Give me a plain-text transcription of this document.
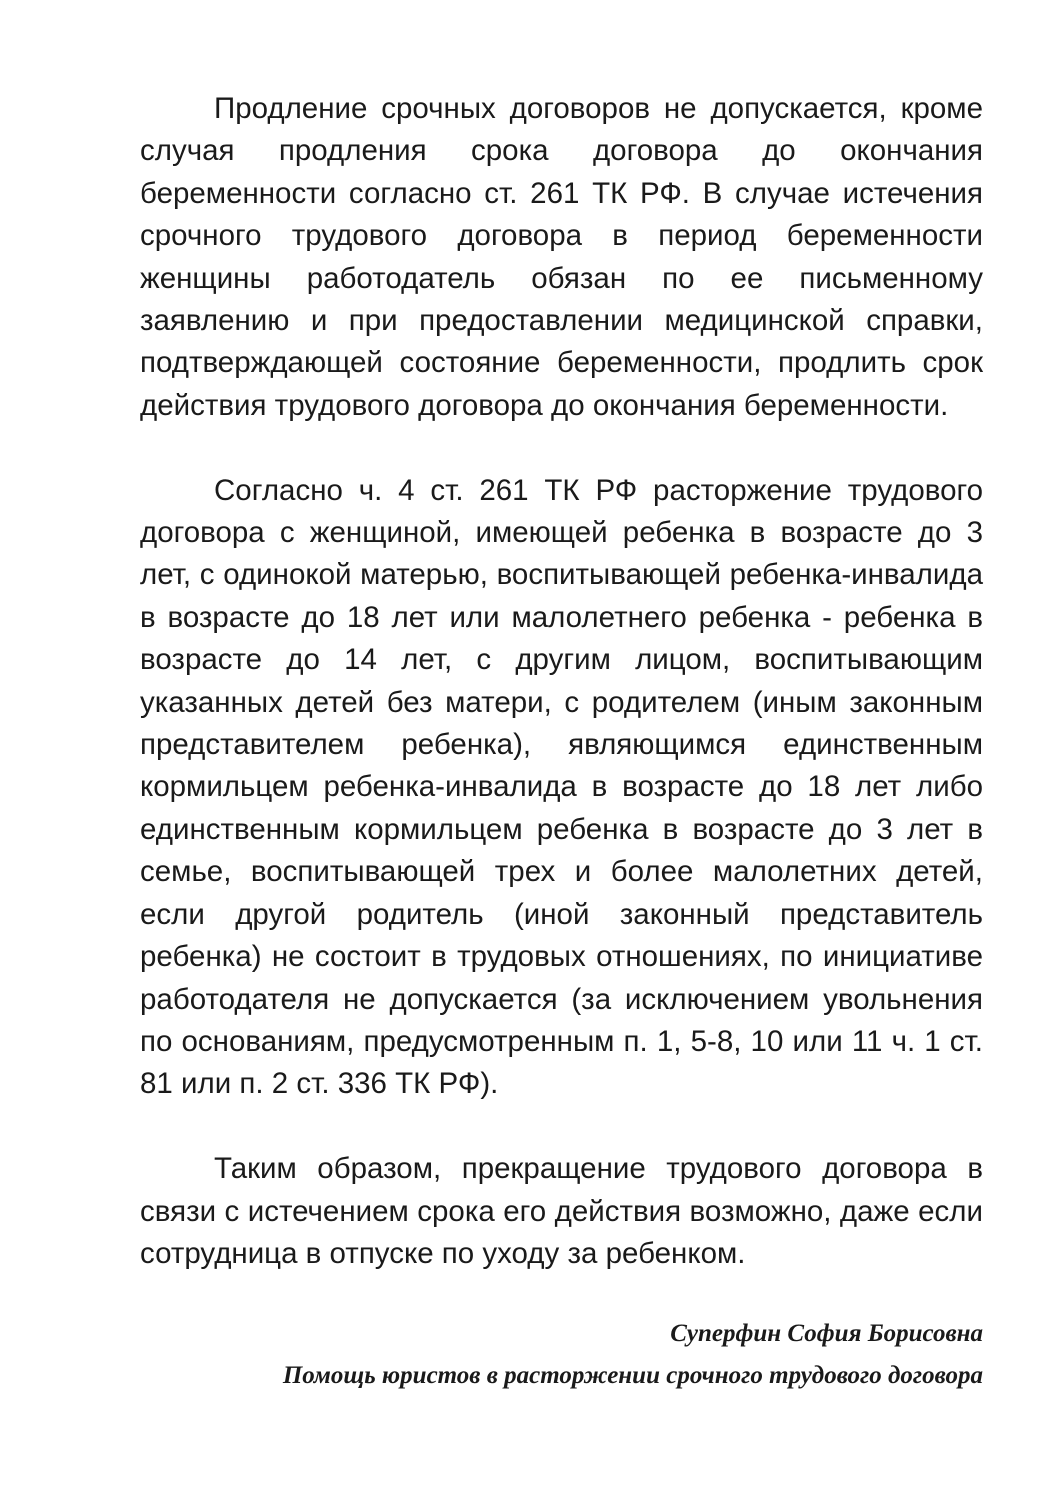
Продление срочных договоров не допускается, кроме случая продления срока договора до окончания беременности согласно ст. 261 ТК РФ. В случае истечения срочного трудового договора в период беременности женщины работодатель обязан по ее письменному заявлению и при предоставлении медицинской справки, подтверждающей состояние беременности, продлить срок действия трудового договора до окончания беременности.

Согласно ч. 4 ст. 261 ТК РФ расторжение трудового договора с женщиной, имеющей ребенка в возрасте до 3 лет, с одинокой матерью, воспитывающей ребенка-инвалида в возрасте до 18 лет или малолетнего ребенка - ребенка в возрасте до 14 лет, с другим лицом, воспитывающим указанных детей без матери, с родителем (иным законным представителем ребенка), являющимся единственным кормильцем ребенка-инвалида в возрасте до 18 лет либо единственным кормильцем ребенка в возрасте до 3 лет в семье, воспитывающей трех и более малолетних детей, если другой родитель (иной законный представитель ребенка) не состоит в трудовых отношениях, по инициативе работодателя не допускается (за исключением увольнения по основаниям, предусмотренным п. 1, 5-8, 10 или 11 ч. 1 ст. 81 или п. 2 ст. 336 ТК РФ).

Таким образом, прекращение трудового договора в связи с истечением срока его действия возможно, даже если сотрудница в отпуске по уходу за ребенком.

Суперфин София Борисовна
Помощь юристов в расторжении срочного трудового договора
